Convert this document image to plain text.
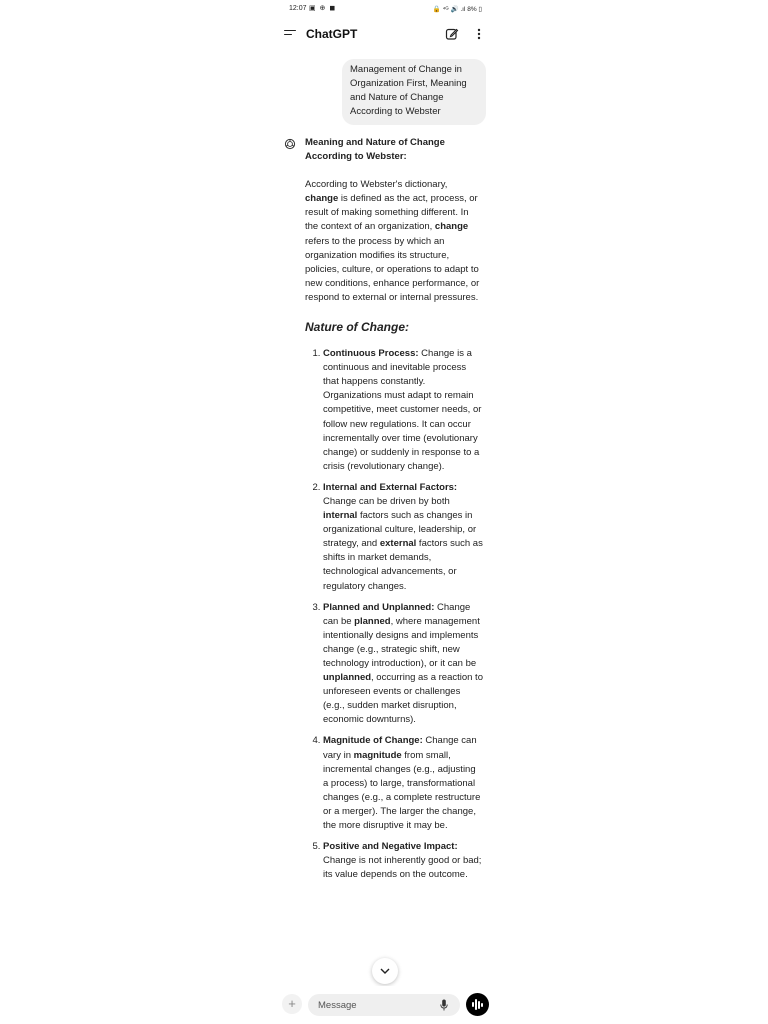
12:07 ▣ ⊕ ◼	🔒 ⁴ᴳ 🔊 .ıl 8% ▯
ChatGPT
Management of Change in Organization First, Meaning and Nature of Change According to Webster

Meaning and Nature of Change According to Webster:

According to Webster's dictionary, change is defined as the act, process, or result of making something different. In the context of an organization, change refers to the process by which an organization modifies its structure, policies, culture, or operations to adapt to new conditions, enhance performance, or respond to external or internal pressures.

Nature of Change:

1. Continuous Process: Change is a continuous and inevitable process that happens constantly. Organizations must adapt to remain competitive, meet customer needs, or follow new regulations. It can occur incrementally over time (evolutionary change) or suddenly in response to a crisis (revolutionary change).
2. Internal and External Factors: Change can be driven by both internal factors such as changes in organizational culture, leadership, or strategy, and external factors such as shifts in market demands, technological advancements, or regulatory changes.
3. Planned and Unplanned: Change can be planned, where management intentionally designs and implements change (e.g., strategic shift, new technology introduction), or it can be unplanned, occurring as a reaction to unforeseen events or challenges (e.g., sudden market disruption, economic downturns).
4. Magnitude of Change: Change can vary in magnitude from small, incremental changes (e.g., adjusting a process) to large, transformational changes (e.g., a complete restructure or a merger). The larger the change, the more disruptive it may be.
5. Positive and Negative Impact: Change is not inherently good or bad; its value depends on the outcome.
+
Message
